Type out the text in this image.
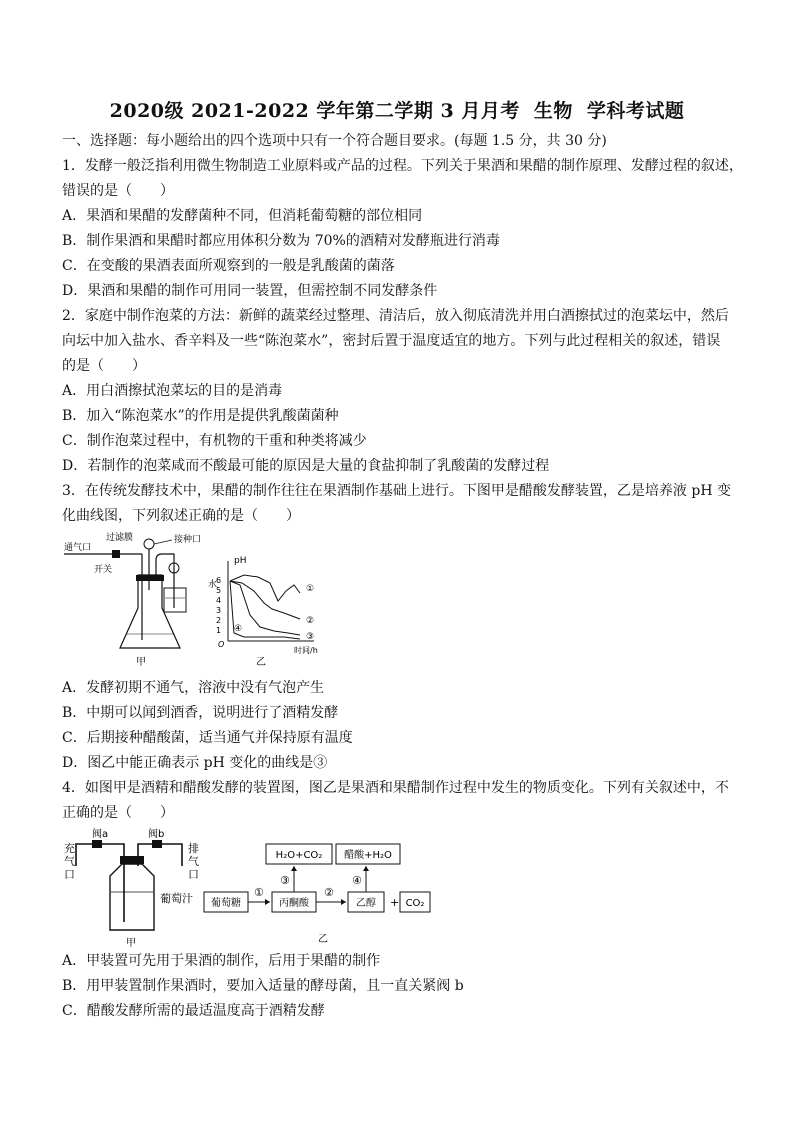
2020级 2021-2022 学年第二学期 3 月月考 生物 学科考试题
一、选择题：每小题给出的四个选项中只有一个符合题目要求。(每题 1.5 分，共 30 分)
1．发酵一般泛指利用微生物制造工业原料或产品的过程。下列关于果酒和果醋的制作原理、发酵过程的叙述，
错误的是（　　）
A．果酒和果醋的发酵菌种不同，但消耗葡萄糖的部位相同
B．制作果酒和果醋时都应用体积分数为 70%的酒精对发酵瓶进行消毒
C．在变酸的果酒表面所观察到的一般是乳酸菌的菌落
D．果酒和果醋的制作可用同一装置，但需控制不同发酵条件
2．家庭中制作泡菜的方法：新鲜的蔬菜经过整理、清洁后，放入彻底清洗并用白酒擦拭过的泡菜坛中，然后
向坛中加入盐水、香辛料及一些“陈泡菜水”，密封后置于温度适宜的地方。下列与此过程相关的叙述，错误
的是（　　）
A．用白酒擦拭泡菜坛的目的是消毒
B．加入“陈泡菜水”的作用是提供乳酸菌菌种
C．制作泡菜过程中，有机物的干重和种类将减少
D．若制作的泡菜咸而不酸最可能的原因是大量的食盐抑制了乳酸菌的发酵过程
3．在传统发酵技术中，果醋的制作往往在果酒制作基础上进行。下图甲是醋酸发酵装置，乙是培养液 pH 变
化曲线图，下列叙述正确的是（　　）
通气口
过滤膜	接种口
开关
水
甲
pH
6
5
4
3
2
1
O
时间/h
①
②
③
④
乙
A．发酵初期不通气，溶液中没有气泡产生
B．中期可以闻到酒香，说明进行了酒精发酵
C．后期接种醋酸菌，适当通气并保持原有温度
D．图乙中能正确表示 pH 变化的曲线是③
4．如图甲是酒精和醋酸发酵的装置图，图乙是果酒和果醋制作过程中发生的物质变化。下列有关叙述中，不
正确的是（　　）
阀a	阀b
充
气
口
排
气
口
葡萄汁
甲
H₂O+CO₂ 醋酸+H₂O
葡萄糖	丙酮酸	乙醇 + CO₂
①	②
③	④
乙
A．甲装置可先用于果酒的制作，后用于果醋的制作
B．用甲装置制作果酒时，要加入适量的酵母菌，且一直关紧阀 b
C．醋酸发酵所需的最适温度高于酒精发酵
